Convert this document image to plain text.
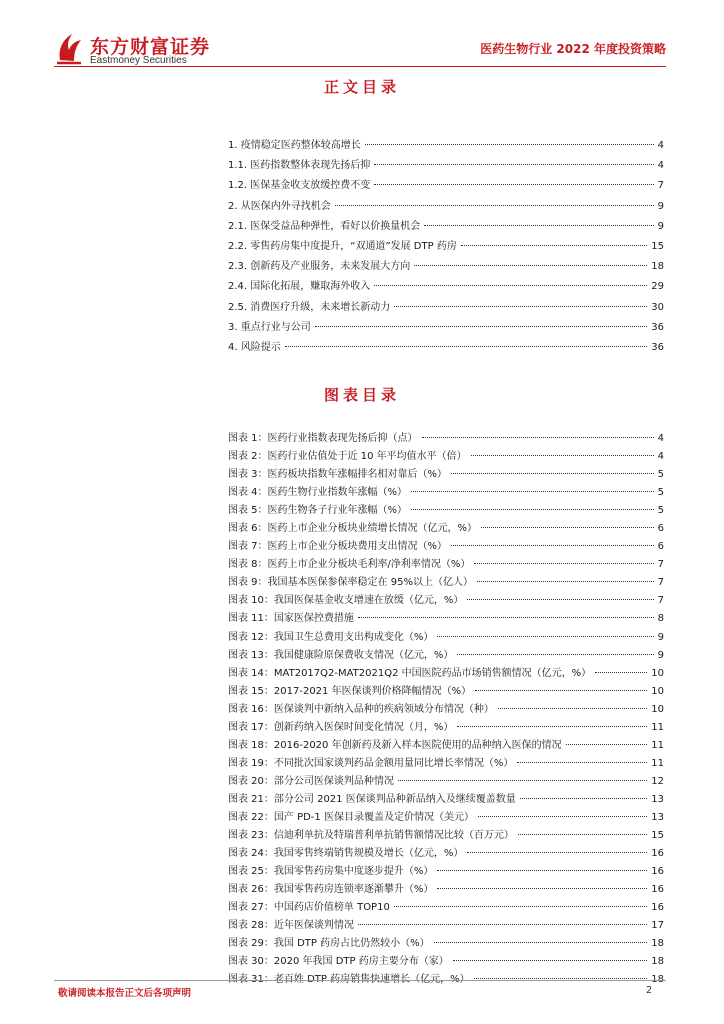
东方财富证券
Eastmoney Securities
医药生物行业 2022 年度投资策略
正文目录
1. 疫情稳定医药整体较高增长	4
1.1. 医药指数整体表现先扬后抑	4
1.2. 医保基金收支放缓控费不变	7
2. 从医保内外寻找机会	9
2.1. 医保受益品种弹性，看好以价换量机会	9
2.2. 零售药房集中度提升，“双通道”发展 DTP 药房	15
2.3. 创新药及产业服务，未来发展大方向	18
2.4. 国际化拓展，赚取海外收入	29
2.5. 消费医疗升级，未来增长新动力	30
3. 重点行业与公司	36
4. 风险提示	36
图表目录
图表 1：医药行业指数表现先扬后抑（点）	4
图表 2：医药行业估值处于近 10 年平均值水平（倍）	4
图表 3：医药板块指数年涨幅排名相对靠后（%）	5
图表 4：医药生物行业指数年涨幅（%）	5
图表 5：医药生物各子行业年涨幅（%）	5
图表 6：医药上市企业分板块业绩增长情况（亿元，%）	6
图表 7：医药上市企业分板块费用支出情况（%）	6
图表 8：医药上市企业分板块毛利率/净利率情况（%）	7
图表 9：我国基本医保参保率稳定在 95%以上（亿人）	7
图表 10：我国医保基金收支增速在放缓（亿元，%）	7
图表 11：国家医保控费措施	8
图表 12：我国卫生总费用支出构成变化（%）	9
图表 13：我国健康险原保费收支情况（亿元，%）	9
图表 14：MAT2017Q2-MAT2021Q2 中国医院药品市场销售额情况（亿元，%）	10
图表 15：2017-2021 年医保谈判价格降幅情况（%）	10
图表 16：医保谈判中新纳入品种的疾病领域分布情况（种）	10
图表 17：创新药纳入医保时间变化情况（月，%）	11
图表 18：2016-2020 年创新药及新入样本医院使用的品种纳入医保的情况	11
图表 19：不同批次国家谈判药品金额用量同比增长率情况（%）	11
图表 20：部分公司医保谈判品种情况	12
图表 21：部分公司 2021 医保谈判品种新品纳入及继续覆盖数量	13
图表 22：国产 PD-1 医保目录覆盖及定价情况（美元）	13
图表 23：信迪利单抗及特瑞普利单抗销售额情况比较（百万元）	15
图表 24：我国零售终端销售规模及增长（亿元，%）	16
图表 25：我国零售药房集中度逐步提升（%）	16
图表 26：我国零售药房连锁率逐渐攀升（%）	16
图表 27：中国药店价值榜单 TOP10	16
图表 28：近年医保谈判情况	17
图表 29：我国 DTP 药房占比仍然较小（%）	18
图表 30：2020 年我国 DTP 药房主要分布（家）	18
图表 31：老百姓 DTP 药房销售快速增长（亿元，%）	18
敬请阅读本报告正文后各项声明	2
